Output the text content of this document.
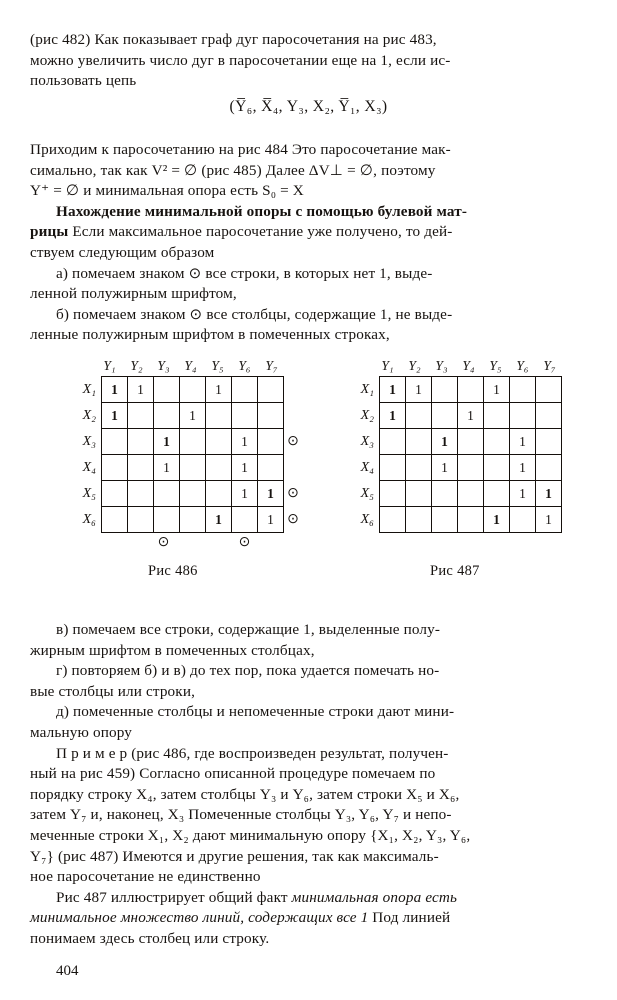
(рис 482) Как показывает граф дуг паросочетания на рис 483,

можно увеличить число дуг в паросочетании еще на 1, если ис-

пользовать цепь

(Y̅₆, X̅₄, Y₃, X₂, Y̅₁, X₃)

Приходим к паросочетанию на рис 484 Это паросочетание мак-

симально, так как V² = ∅ (рис 485) Далее ΔV⊥ = ∅, поэтому

Y⁺ = ∅ и минимальная опора есть S₀ = X

Нахождение минимальной опоры с помощью булевой мат-

рицы Если максимальное паросочетание уже получено, то дей-

ствуем следующим образом

а) помечаем знаком ⊙ все строки, в которых нет 1, выде-

ленной полужирным шрифтом,

б) помечаем знаком ⊙ все столбцы, содержащие 1, не выде-

ленные полужирным шрифтом в помеченных строках,

Y₁	Y₂	Y₃	Y₄	Y₅	Y₆	Y₇
X₁	1	1			1			
X₂	1			1				
X₃			1			1		⊙
X₄			1			1		
X₅						1	1	⊙
X₆					1		1	⊙
⊙	⊙
Рис 486
Y₁	Y₂	Y₃	Y₄	Y₅	Y₆	Y₇
X₁	1	1			1			
X₂	1			1				
X₃			1			1		
X₄			1			1		
X₅						1	1	
X₆					1		1	
Рис 487

в) помечаем все строки, содержащие 1, выделенные полу-

жирным шрифтом в помеченных столбцах,

г) повторяем б) и в) до тех пор, пока удается помечать но-

вые столбцы или строки,

д) помеченные столбцы и непомеченные строки дают мини-

мальную опору

П р и м е р (рис 486, где воспроизведен результат, получен-

ный на рис 459) Согласно описанной процедуре помечаем по

порядку строку X₄, затем столбцы Y₃ и Y₆, затем строки X₅ и X₆,

затем Y₇ и, наконец, X₃ Помеченные столбцы Y₃, Y₆, Y₇ и непо-

меченные строки X₁, X₂ дают минимальную опору {X₁, X₂, Y₃, Y₆,

Y₇} (рис 487) Имеются и другие решения, так как максималь-

ное паросочетание не единственно

Рис 487 иллюстрирует общий факт минимальная опора есть

минимальное множество линий, содержащих все 1 Под линией

понимаем здесь столбец или строку.

404
